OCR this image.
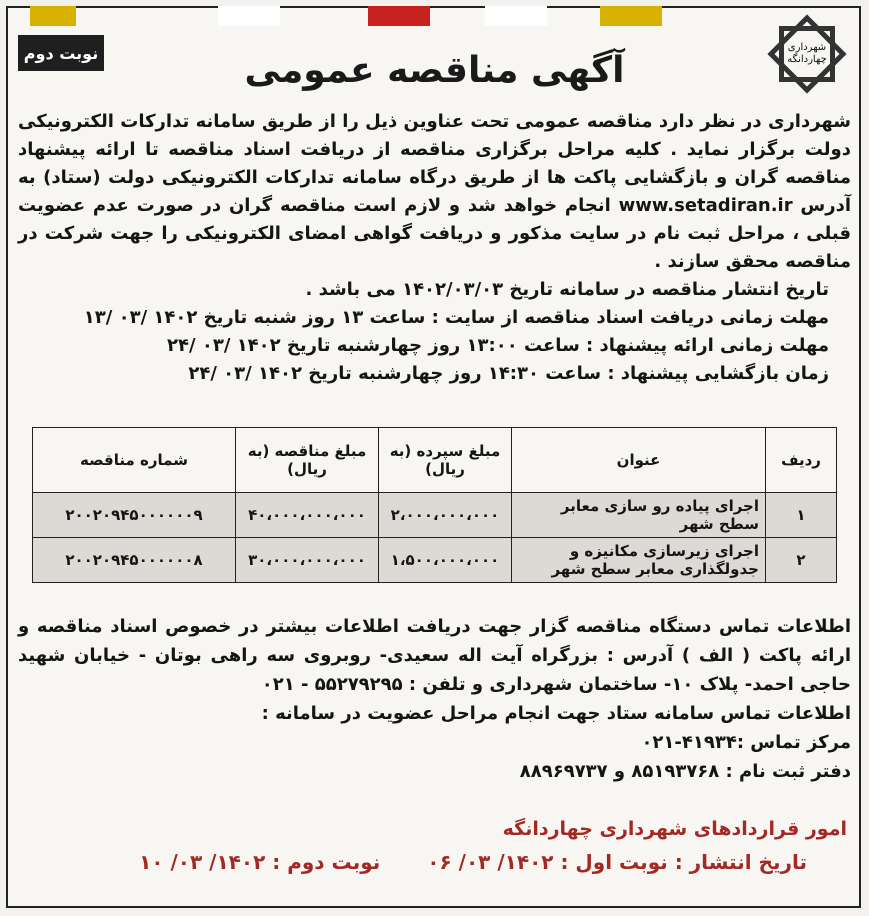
نوبت دوم	شهرداری
چهاردانگه
آگهی مناقصه عمومی

شهرداری در نظر دارد مناقصه عمومی تحت عناوین ذیل را از طریق سامانه تدارکات الکترونیکی دولت برگزار نماید . کلیه مراحل برگزاری مناقصه از دریافت اسناد مناقصه تا ارائه پیشنهاد مناقصه گران و بازگشایی پاکت ها از طریق درگاه سامانه تدارکات الکترونیکی دولت (ستاد) به آدرس www.setadiran.ir انجام خواهد شد و لازم است مناقصه گران در صورت عدم عضویت قبلی ، مراحل ثبت نام در سایت مذکور و دریافت گواهی امضای الکترونیکی را جهت شرکت در مناقصه محقق سازند .

تاریخ انتشار مناقصه در سامانه تاریخ ۱۴۰۲/۰۳/۰۳ می باشد .

مهلت زمانی دریافت اسناد مناقصه از سایت : ساعت ۱۳ روز شنبه تاریخ ۱۴۰۲ /۰۳ /۱۳

مهلت زمانی ارائه پیشنهاد : ساعت ۱۳:۰۰ روز چهارشنبه تاریخ ۱۴۰۲ /۰۳ /۲۴

زمان بازگشایی پیشنهاد : ساعت ۱۴:۳۰ روز چهارشنبه تاریخ ۱۴۰۲ /۰۳ /۲۴

ردیف	عنوان	مبلغ سپرده (به ریال)	مبلغ مناقصه (به ریال)	شماره مناقصه
۱	اجرای پیاده رو سازی معابر سطح شهر	۲،۰۰۰،۰۰۰،۰۰۰	۴۰،۰۰۰،۰۰۰،۰۰۰	۲۰۰۲۰۹۴۵۰۰۰۰۰۰۹
۲	اجرای زیرسازی مکانیزه و جدولگذاری معابر سطح شهر	۱،۵۰۰،۰۰۰،۰۰۰	۳۰،۰۰۰،۰۰۰،۰۰۰	۲۰۰۲۰۹۴۵۰۰۰۰۰۰۸

اطلاعات تماس دستگاه مناقصه گزار جهت دریافت اطلاعات بیشتر در خصوص اسناد مناقصه و ارائه پاکت ( الف ) آدرس : بزرگراه آیت اله سعیدی- روبروی سه راهی بوتان - خیابان شهید حاجی احمد- پلاک ۱۰- ساختمان شهرداری و تلفن : ۵۵۲۷۹۲۹۵ - ۰۲۱

اطلاعات تماس سامانه ستاد جهت انجام مراحل عضویت در سامانه :

مرکز تماس :۴۱۹۳۴-۰۲۱

دفتر ثبت نام : ۸۵۱۹۳۷۶۸ و ۸۸۹۶۹۷۳۷

امور قراردادهای شهرداری چهاردانگه
تاریخ انتشار : نوبت اول : ۱۴۰۲/ ۰۳/ ۰۶ نوبت دوم : ۱۴۰۲/ ۰۳/ ۱۰
